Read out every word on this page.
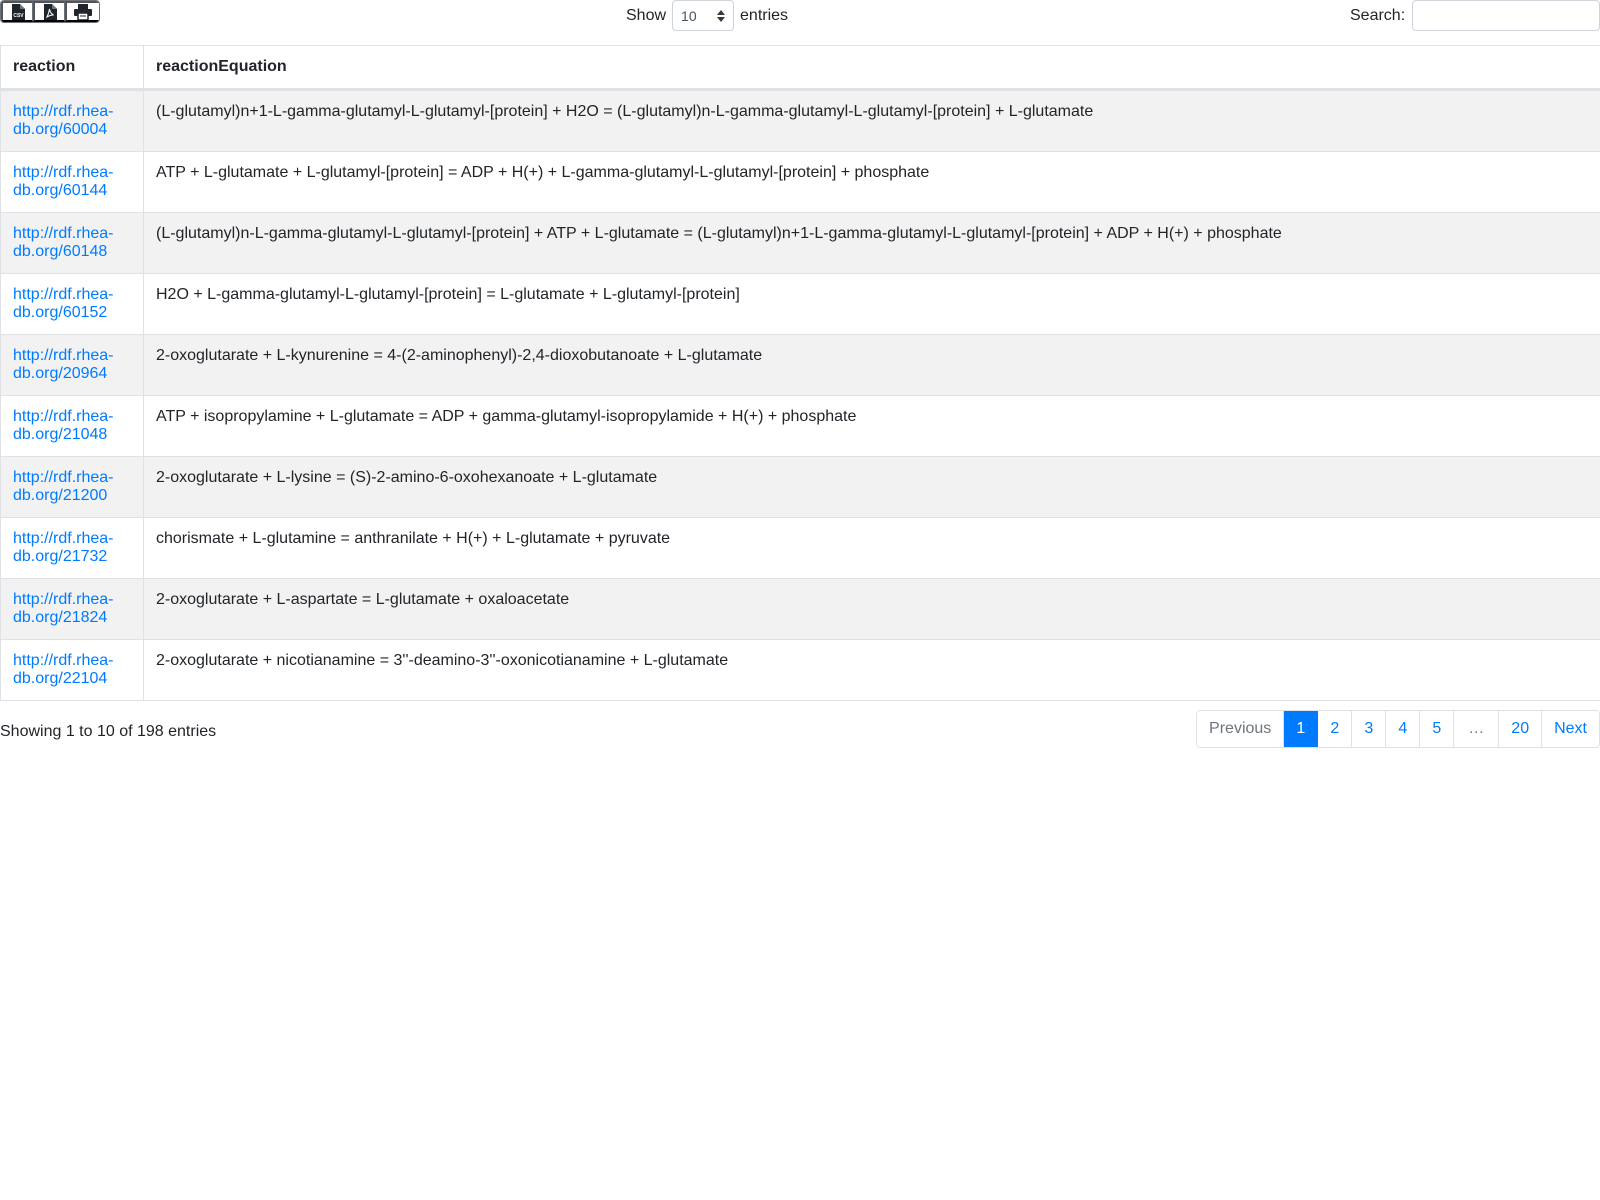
CSV	Show 10	entries	Search:
reaction	reactionEquation
http://rdf.rhea-db.org/60004	(L-glutamyl)n+1-L-gamma-glutamyl-L-glutamyl-[protein] + H2O = (L-glutamyl)n-L-gamma-glutamyl-L-glutamyl-[protein] + L-glutamate
http://rdf.rhea-db.org/60144	ATP + L-glutamate + L-glutamyl-[protein] = ADP + H(+) + L-gamma-glutamyl-L-glutamyl-[protein] + phosphate
http://rdf.rhea-db.org/60148	(L-glutamyl)n-L-gamma-glutamyl-L-glutamyl-[protein] + ATP + L-glutamate = (L-glutamyl)n+1-L-gamma-glutamyl-L-glutamyl-[protein] + ADP + H(+) + phosphate
http://rdf.rhea-db.org/60152	H2O + L-gamma-glutamyl-L-glutamyl-[protein] = L-glutamate + L-glutamyl-[protein]
http://rdf.rhea-db.org/20964	2-oxoglutarate + L-kynurenine = 4-(2-aminophenyl)-2,4-dioxobutanoate + L-glutamate
http://rdf.rhea-db.org/21048	ATP + isopropylamine + L-glutamate = ADP + gamma-glutamyl-isopropylamide + H(+) + phosphate
http://rdf.rhea-db.org/21200	2-oxoglutarate + L-lysine = (S)-2-amino-6-oxohexanoate + L-glutamate
http://rdf.rhea-db.org/21732	chorismate + L-glutamine = anthranilate + H(+) + L-glutamate + pyruvate
http://rdf.rhea-db.org/21824	2-oxoglutarate + L-aspartate = L-glutamate + oxaloacetate
http://rdf.rhea-db.org/22104	2-oxoglutarate + nicotianamine = 3''-deamino-3''-oxonicotianamine + L-glutamate
Showing 1 to 10 of 198 entries	Previous	1	2	3	4	5	…	20	Next
